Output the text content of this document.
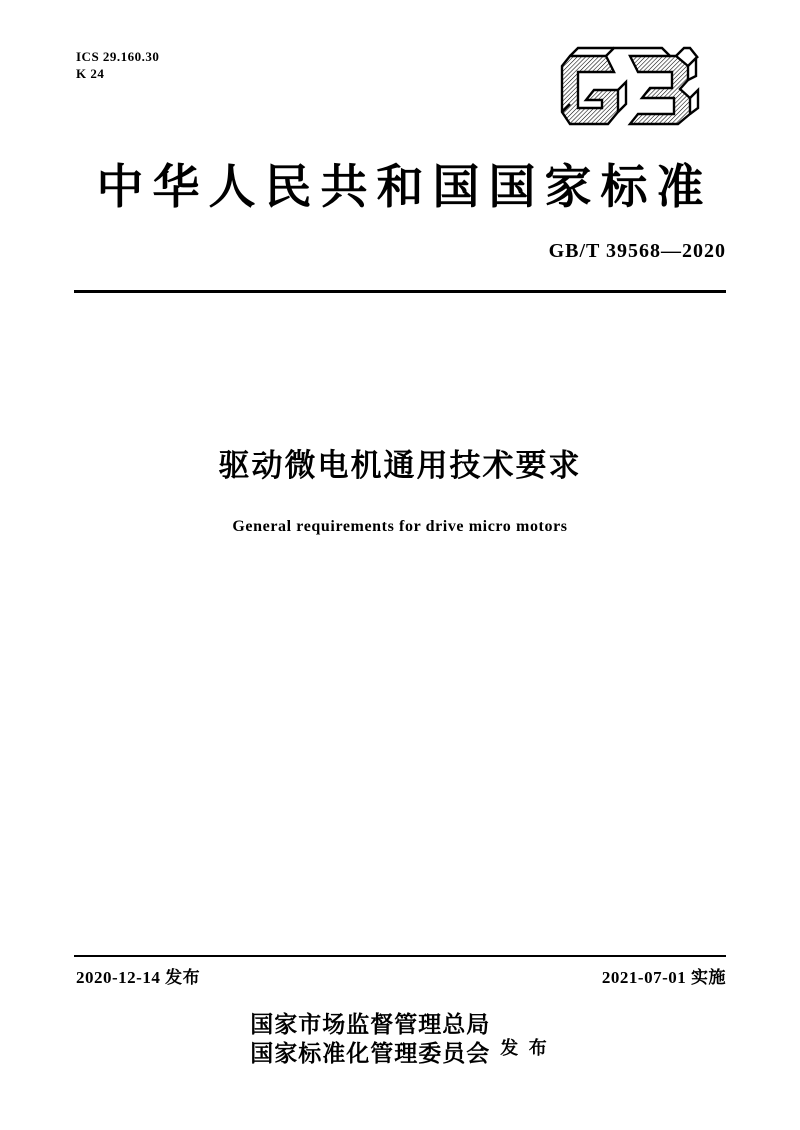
ICS 29.160.30
K 24
中华人民共和国国家标准
GB/T 39568—2020
驱动微电机通用技术要求
General requirements for drive micro motors
2020-12-14 发布	2021-07-01 实施
国家市场监督管理总局
国家标准化管理委员会 发 布
